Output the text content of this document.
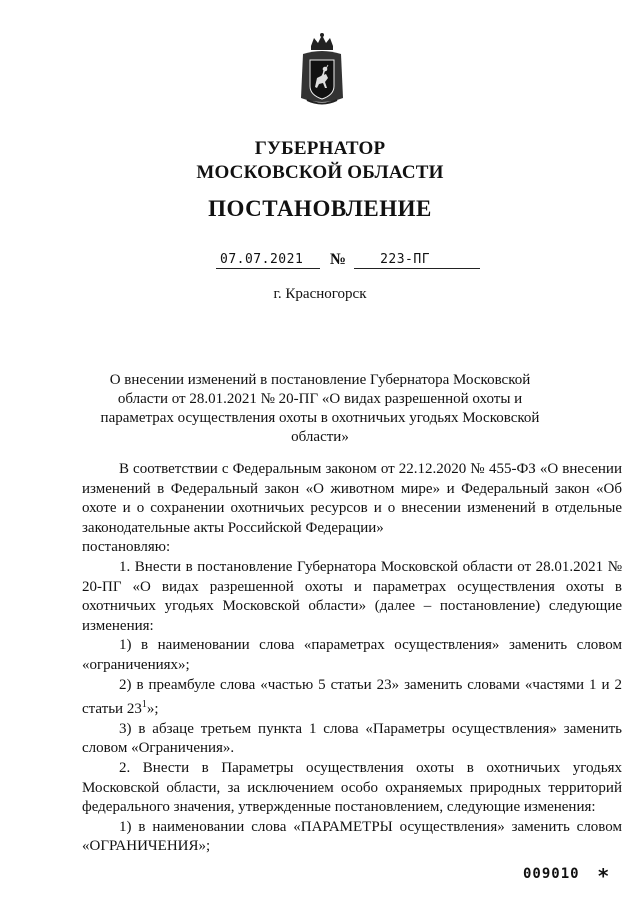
ГУБЕРНАТОР
МОСКОВСКОЙ ОБЛАСТИ
ПОСТАНОВЛЕНИЕ
07.07.2021	№	223-ПГ
г. Красногорск
О внесении изменений в постановление Губернатора Московской области от 28.01.2021 № 20-ПГ «О видах разрешенной охоты и параметрах осуществления охоты в охотничьих угодьях Московской области»

В соответствии с Федеральным законом от 22.12.2020 № 455-ФЗ «О внесении изменений в Федеральный закон «О животном мире» и Федеральный закон «Об охоте и о сохранении охотничьих ресурсов и о внесении изменений в отдельные законодательные акты Российской Федерации»

постановляю:

1. Внести в постановление Губернатора Московской области от 28.01.2021 № 20-ПГ «О видах разрешенной охоты и параметрах осуществления охоты в охотничьих угодьях Московской области» (далее – постановление) следующие изменения:

1) в наименовании слова «параметрах осуществления» заменить словом «ограничениях»;

2) в преамбуле слова «частью 5 статьи 23» заменить словами «частями 1 и 2 статьи $23^1$»;

3) в абзаце третьем пункта 1 слова «Параметры осуществления» заменить словом «Ограничения».

2. Внести в Параметры осуществления охоты в охотничьих угодьях Московской области, за исключением особо охраняемых природных территорий федерального значения, утвержденные постановлением, следующие изменения:

1) в наименовании слова «ПАРАМЕТРЫ осуществления» заменить словом «ОГРАНИЧЕНИЯ»;

009010 *
